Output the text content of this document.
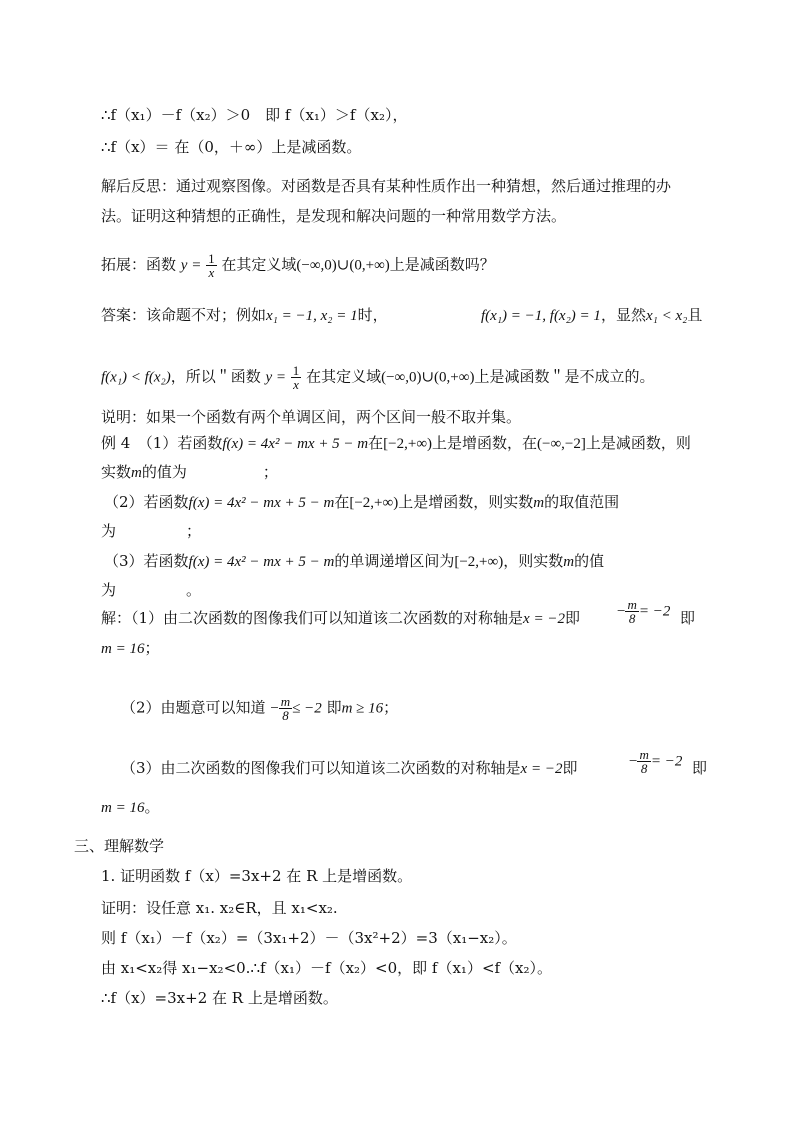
∴f（x₁）－f（x₂）＞0　即 f（x₁）＞f（x₂），
∴f（x）＝ 在（0，＋∞）上是减函数。
解后反思：通过观察图像。对函数是否具有某种性质作出一种猜想，然后通过推理的办
法。证明这种猜想的正确性，是发现和解决问题的一种常用数学方法。
拓展：函数 $y = \frac{1}{x}$ 在其定义域(−∞,0)∪(0,+∞)上是减函数吗？
答案：该命题不对；例如x₁ = −1, x₂ = 1时，	f(x₁) = −1, f(x₂) = 1，显然x₁ < x₂且
f(x₁) < f(x₂)，所以＂函数 $y = \frac{1}{x}$ 在其定义域(−∞,0)∪(0,+∞)上是减函数＂是不成立的。
说明：如果一个函数有两个单调区间，两个区间一般不取并集。
例 4　（1）若函数f(x) = 4x² − mx + 5 − m在[−2,+∞)上是增函数，在(−∞,−2]上是减函数，则
实数m的值为	；
（2）若函数f(x) = 4x² − mx + 5 − m在[−2,+∞)上是增函数，则实数m的取值范围
为	；
（3）若函数f(x) = 4x² − mx + 5 − m的单调递增区间为[−2,+∞)，则实数m的值
为	。
解：（1）由二次函数的图像我们可以知道该二次函数的对称轴是x = −2即 − $\frac{m}{8} = -2$ 即
m = 16；
（2）由题意可以知道 − $\frac{m}{8} \le -2$ 即m ≥ 16；
（3）由二次函数的图像我们可以知道该二次函数的对称轴是x = −2即	− $\frac{m}{8} = -2$ 即
m = 16。
三、理解数学
1. 证明函数 f（x）=3x+2 在 R 上是增函数。
证明：设任意 x₁. x₂∈R，且 x₁<x₂.
则 f（x₁）－f（x₂）=（3x₁+2）－（3x²+2）=3（x₁−x₂）。
由 x₁<x₂得 x₁−x₂<0.∴f（x₁）－f（x₂）<0，即 f（x₁）<f（x₂）。
∴f（x）=3x+2 在 R 上是增函数。
